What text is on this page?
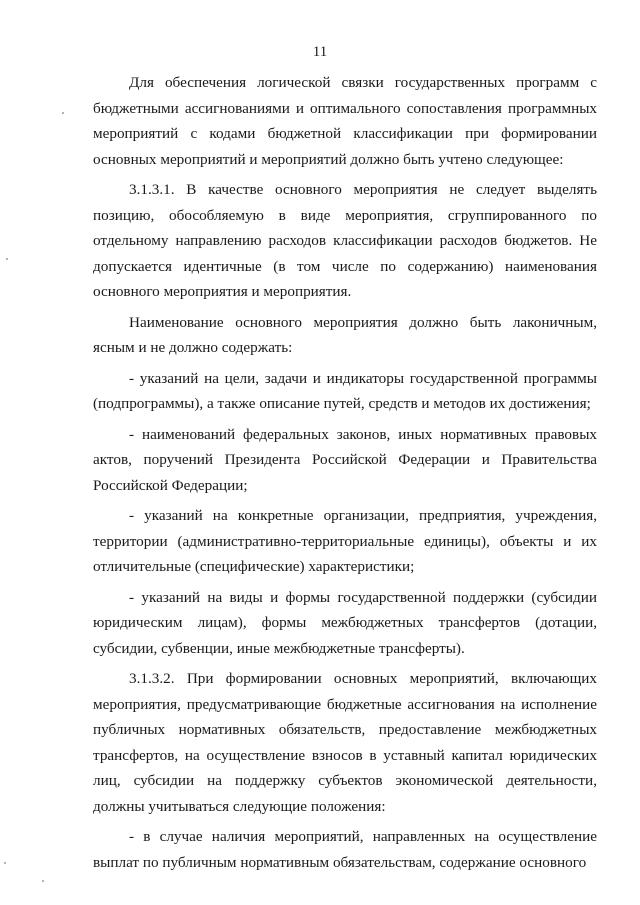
11

Для обеспечения логической связки государственных программ с бюджетными ассигнованиями и оптимального сопоставления программных мероприятий с кодами бюджетной классификации при формировании основных мероприятий и мероприятий должно быть учтено следующее:

3.1.3.1. В качестве основного мероприятия не следует выделять позицию, обособляемую в виде мероприятия, сгруппированного по отдельному направлению расходов классификации расходов бюджетов. Не допускается идентичные (в том числе по содержанию) наименования основного мероприятия и мероприятия.

Наименование основного мероприятия должно быть лаконичным, ясным и не должно содержать:

- указаний на цели, задачи и индикаторы государственной программы (подпрограммы), а также описание путей, средств и методов их достижения;

- наименований федеральных законов, иных нормативных правовых актов, поручений Президента Российской Федерации и Правительства Российской Федерации;

- указаний на конкретные организации, предприятия, учреждения, территории (административно-территориальные единицы), объекты и их отличительные (специфические) характеристики;

- указаний на виды и формы государственной поддержки (субсидии юридическим лицам), формы межбюджетных трансфертов (дотации, субсидии, субвенции, иные межбюджетные трансферты).

3.1.3.2. При формировании основных мероприятий, включающих мероприятия, предусматривающие бюджетные ассигнования на исполнение публичных нормативных обязательств, предоставление межбюджетных трансфертов, на осуществление взносов в уставный капитал юридических лиц, субсидии на поддержку субъектов экономической деятельности, должны учитываться следующие положения:

- в случае наличия мероприятий, направленных на осуществление выплат по публичным нормативным обязательствам, содержание основного
